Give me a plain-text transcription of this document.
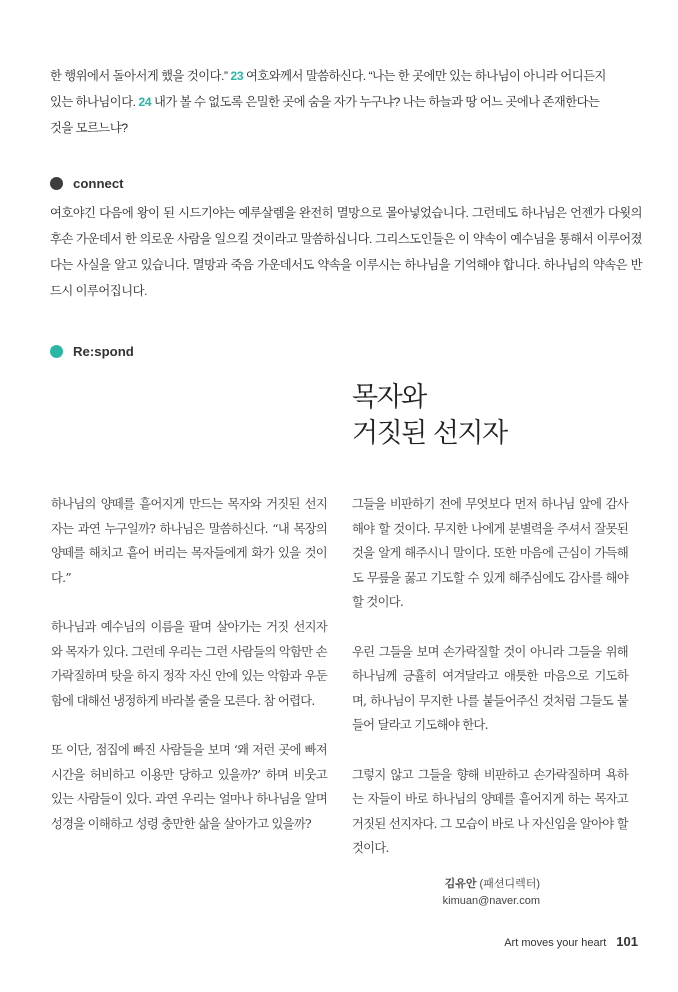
한 행위에서 돌아서게 했을 것이다.” 23 여호와께서 말씀하신다. “나는 한 곳에만 있는 하나님이 아니라 어디든지
있는 하나님이다. 24 내가 볼 수 없도록 은밀한 곳에 숨을 자가 누구냐? 나는 하늘과 땅 어느 곳에나 존재한다는
것을 모르느냐?
connect
여호야긴 다음에 왕이 된 시드기야는 예루살렘을 완전히 멸망으로 몰아넣었습니다. 그런데도 하나님은 언젠가 다윗의 후손 가운데서 한 의로운 사람을 일으킬 것이라고 말씀하십니다. 그리스도인들은 이 약속이 예수님을 통해서 이루어졌다는 사실을 알고 있습니다. 멸망과 죽음 가운데서도 약속을 이루시는 하나님을 기억해야 합니다. 하나님의 약속은 반드시 이루어집니다.
Re:spond
목자와
거짓된 선지자

하나님의 양떼를 흩어지게 만드는 목자와 거짓된 선지자는 과연 누구일까? 하나님은 말씀하신다. “내 목장의 양떼를 해치고 흩어 버리는 목자들에게 화가 있을 것이다.”

하나님과 예수님의 이름을 팔며 살아가는 거짓 선지자와 목자가 있다. 그런데 우리는 그런 사람들의 악함만 손가락질하며 탓을 하지 정작 자신 안에 있는 악함과 우둔함에 대해선 냉정하게 바라볼 줄을 모른다. 참 어렵다.

또 이단, 점집에 빠진 사람들을 보며 ‘왜 저런 곳에 빠져 시간을 허비하고 이용만 당하고 있을까?’ 하며 비웃고 있는 사람들이 있다. 과연 우리는 얼마나 하나님을 알며 성경을 이해하고 성령 충만한 삶을 살아가고 있을까?

그들을 비판하기 전에 무엇보다 먼저 하나님 앞에 감사해야 할 것이다. 무지한 나에게 분별력을 주셔서 잘못된 것을 알게 해주시니 말이다. 또한 마음에 근심이 가득해도 무릎을 꿇고 기도할 수 있게 해주심에도 감사를 해야 할 것이다.

우린 그들을 보며 손가락질할 것이 아니라 그들을 위해 하나님께 긍휼히 여겨달라고 애틋한 마음으로 기도하며, 하나님이 무지한 나를 붙들어주신 것처럼 그들도 붙들어 달라고 기도해야 한다.

그렇지 않고 그들을 향해 비판하고 손가락질하며 욕하는 자들이 바로 하나님의 양떼를 흩어지게 하는 목자고 거짓된 선지자다. 그 모습이 바로 나 자신임을 알아야 할 것이다.

김유안 (패션디렉터)
kimuan@naver.com
Art moves your heart 101
